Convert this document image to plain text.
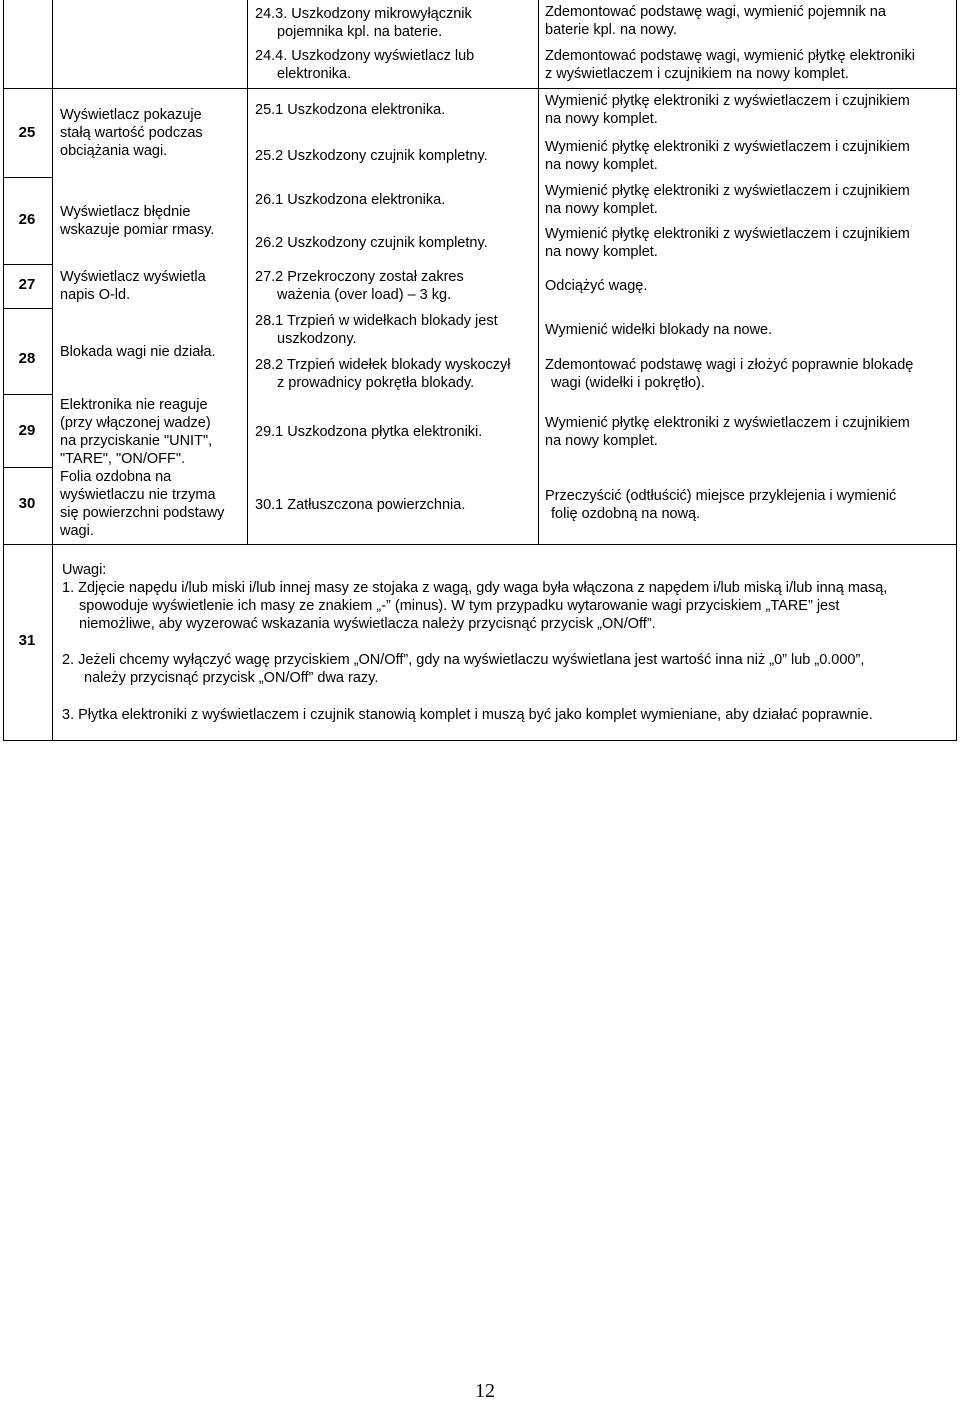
24.3. Uszkodzony mikrowyłącznik
pojemnika kpl. na baterie.
24.4. Uszkodzony wyświetlacz lub
elektronika.
Zdemontować podstawę wagi, wymienić pojemnik na
baterie kpl. na nowy.
Zdemontować podstawę wagi, wymienić płytkę elektroniki
z wyświetlaczem i czujnikiem na nowy komplet.
25
26
27
28
29
30
31
Wyświetlacz pokazuje
stałą wartość podczas
obciążania wagi.
Wyświetlacz błędnie
wskazuje pomiar rmasy.
Wyświetlacz wyświetla
napis O-ld.
Blokada wagi nie działa.
Elektronika nie reaguje
(przy włączonej wadze)
na przyciskanie "UNIT",
"TARE", "ON/OFF".
Folia ozdobna na
wyświetlaczu nie trzyma
się powierzchni podstawy
wagi.
25.1 Uszkodzona elektronika.
25.2 Uszkodzony czujnik kompletny.
26.1 Uszkodzona elektronika.
26.2 Uszkodzony czujnik kompletny.
27.2 Przekroczony został zakres
ważenia (over load) – 3 kg.
28.1 Trzpień w widełkach blokady jest
uszkodzony.
28.2 Trzpień widełek blokady wyskoczył
z prowadnicy pokrętła blokady.
29.1 Uszkodzona płytka elektroniki.
30.1 Zatłuszczona powierzchnia.
Wymienić płytkę elektroniki z wyświetlaczem i czujnikiem
na nowy komplet.
Wymienić płytkę elektroniki z wyświetlaczem i czujnikiem
na nowy komplet.
Wymienić płytkę elektroniki z wyświetlaczem i czujnikiem
na nowy komplet.
Wymienić płytkę elektroniki z wyświetlaczem i czujnikiem
na nowy komplet.
Odciążyć wagę.
Wymienić widełki blokady na nowe.
Zdemontować podstawę wagi i złożyć poprawnie blokadę
wagi (widełki i pokrętło).
Wymienić płytkę elektroniki z wyświetlaczem i czujnikiem
na nowy komplet.
Przeczyścić (odtłuścić) miejsce przyklejenia i wymienić
folię ozdobną na nową.
Uwagi:
1. Zdjęcie napędu i/lub miski i/lub innej masy ze stojaka z wagą, gdy waga była włączona z napędem i/lub miską i/lub inną masą,
spowoduje wyświetlenie ich masy ze znakiem „-” (minus). W tym przypadku wytarowanie wagi przyciskiem „TARE” jest
niemożliwe, aby wyzerować wskazania wyświetlacza należy przycisnąć przycisk „ON/Off”.
2. Jeżeli chcemy wyłączyć wagę przyciskiem „ON/Off”, gdy na wyświetlaczu wyświetlana jest wartość inna niż „0” lub „0.000”,
należy przycisnąć przycisk „ON/Off” dwa razy.
3. Płytka elektroniki z wyświetlaczem i czujnik stanowią komplet i muszą być jako komplet wymieniane, aby działać poprawnie.
12
